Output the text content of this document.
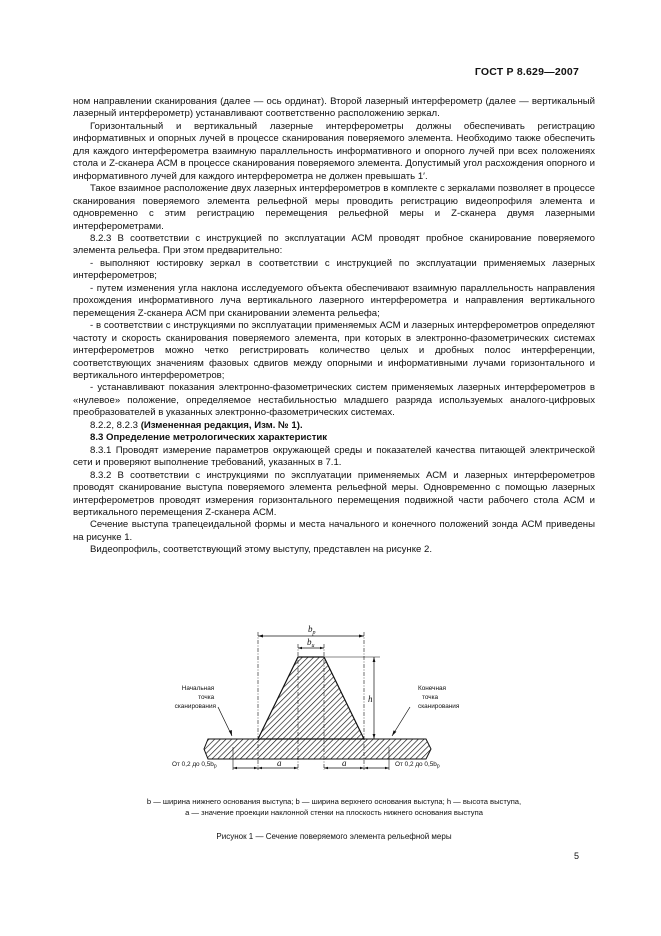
ГОСТ Р 8.629—2007

ном направлении сканирования (далее — ось ординат). Второй лазерный интерферометр (далее — вертикальный лазерный интерферометр) устанавливают соответственно расположению зеркал.

Горизонтальный и вертикальный лазерные интерферометры должны обеспечивать регистрацию информативных и опорных лучей в процессе сканирования поверяемого элемента. Необходимо также обеспечить для каждого интерферометра взаимную параллельность информативного и опорного лучей при всех положениях стола и Z-сканера АСМ в процессе сканирования поверяемого элемента. Допустимый угол расхождения опорного и информативного лучей для каждого интерферометра не должен превышать 1′.

Такое взаимное расположение двух лазерных интерферометров в комплекте с зеркалами позволяет в процессе сканирования поверяемого элемента рельефной меры проводить регистрацию видеопрофиля элемента и одновременно с этим регистрацию перемещения рельефной меры и Z-сканера двумя лазерными интерферометрами.

8.2.3 В соответствии с инструкцией по эксплуатации АСМ проводят пробное сканирование поверяемого элемента рельефа. При этом предварительно:

- выполняют юстировку зеркал в соответствии с инструкцией по эксплуатации применяемых лазерных интерферометров;

- путем изменения угла наклона исследуемого объекта обеспечивают взаимную параллельность направления прохождения информативного луча вертикального лазерного интерферометра и направления вертикального перемещения Z-сканера АСМ при сканировании элемента рельефа;

- в соответствии с инструкциями по эксплуатации применяемых АСМ и лазерных интерферометров определяют частоту и скорость сканирования поверяемого элемента, при которых в электронно-фазометрических системах интерферометров можно четко регистрировать количество целых и дробных полос интерференции, соответствующих значениям фазовых сдвигов между опорными и информативными лучами горизонтального и вертикального интерферометров;

- устанавливают показания электронно-фазометрических систем применяемых лазерных интерферометров в «нулевое» положение, определяемое нестабильностью младшего разряда используемых аналого-цифровых преобразователей в указанных электронно-фазометрических системах.

8.2.2, 8.2.3 (Измененная редакция, Изм. № 1).

8.3 Определение метрологических характеристик

8.3.1 Проводят измерение параметров окружающей среды и показателей качества питающей электрической сети и проверяют выполнение требований, указанных в 7.1.

8.3.2 В соответствии с инструкциями по эксплуатации применяемых АСМ и лазерных интерферометров проводят сканирование выступа поверяемого элемента рельефной меры. Одновременно с помощью лазерных интерферометров проводят измерения горизонтального перемещения подвижной части рабочего стола АСМ и вертикального перемещения Z-сканера АСМ.

Сечение выступа трапецеидальной формы и места начального и конечного положений зонда АСМ приведены на рисунке 1.

Видеопрофиль, соответствующий этому выступу, представлен на рисунке 2.

$b_p$
$b_u$
h
a	a
От 0,2 до $0,5b_p$	От 0,2 до $0,5b_p$
Начальная точка сканирования
Конечная точка сканирования

b — ширина нижнего основания выступа; b — ширина верхнего основания выступа; h — высота выступа,

a — значение проекции наклонной стенки на плоскость нижнего основания выступа

Рисунок 1 — Сечение поверяемого элемента рельефной меры
5
